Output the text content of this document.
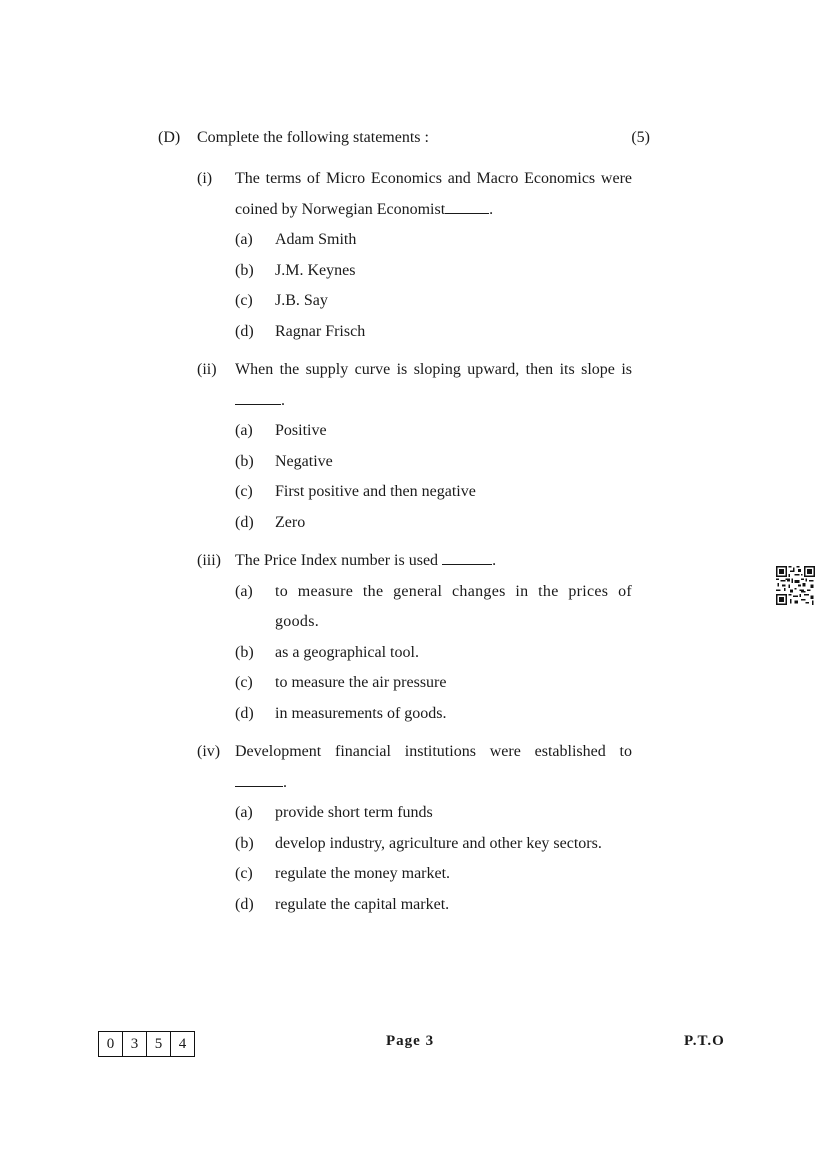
(D) Complete the following statements :	(5)
(i) The terms of Micro Economics and Macro Economics were coined by Norwegian Economist	.
(a) Adam Smith
(b) J.M. Keynes
(c) J.B. Say
(d) Ragnar Frisch
(ii) When the supply curve is sloping upward, then its slope is .
(a) Positive
(b) Negative
(c) First positive and then negative
(d) Zero
(iii) The Price Index number is used	.
(a) to measure the general changes in the prices of goods.
(b) as a geographical tool.
(c) to measure the air pressure
(d) in measurements of goods.
(iv) Development financial institutions were established to .
(a) provide short term funds
(b) develop industry, agriculture and other key sectors.
(c) regulate the money market.
(d) regulate the capital market.
0	3	5	4	Page 3	P.T.O
